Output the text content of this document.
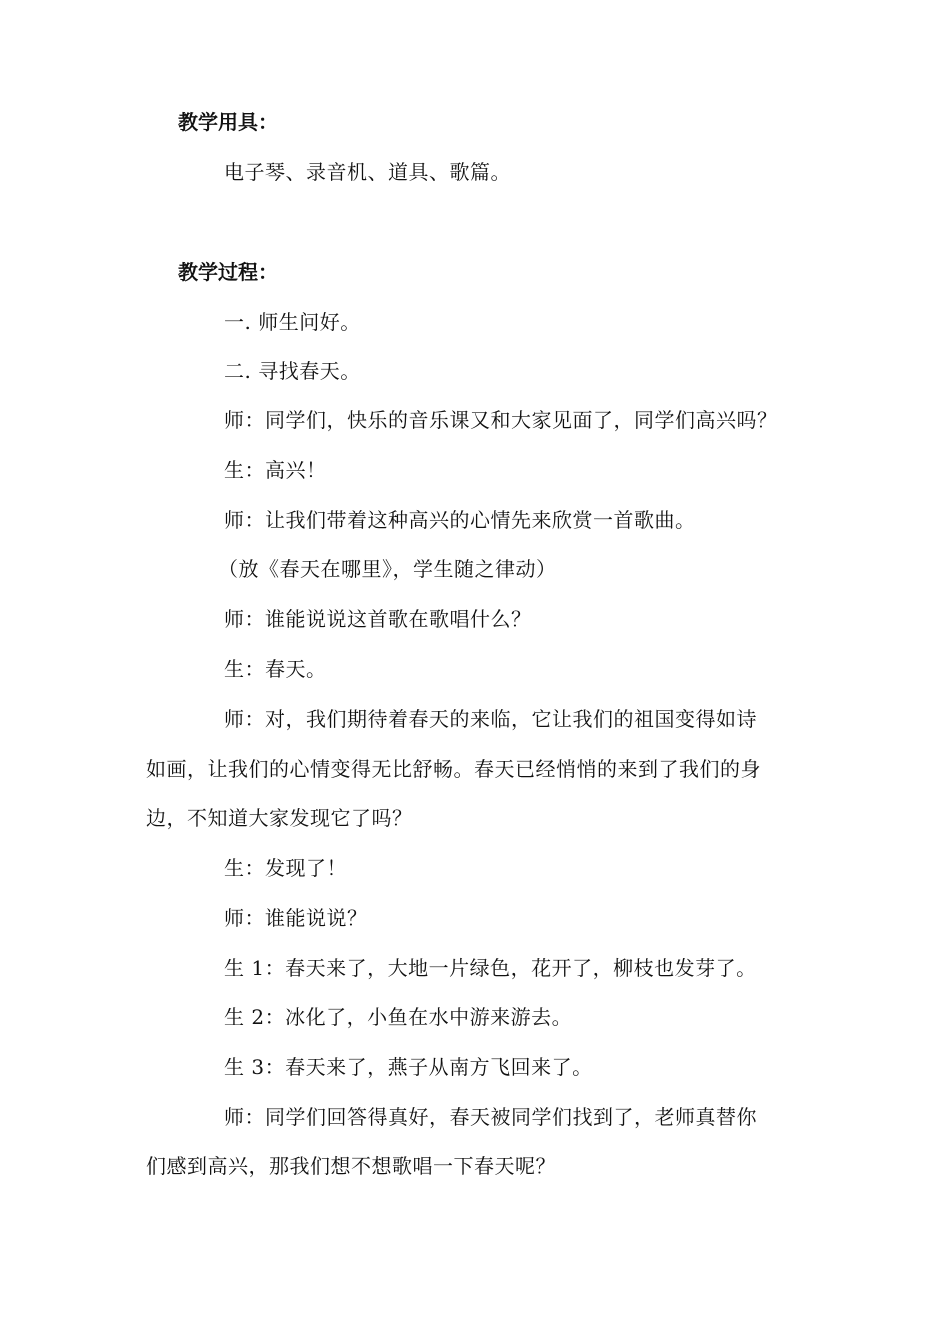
教学用具：
电子琴、录音机、道具、歌篇。
教学过程：
一. 师生问好。
二. 寻找春天。
师：同学们，快乐的音乐课又和大家见面了，同学们高兴吗？
生：高兴！
师：让我们带着这种高兴的心情先来欣赏一首歌曲。
（放《春天在哪里》，学生随之律动）
师：谁能说说这首歌在歌唱什么？
生：春天。
师：对，我们期待着春天的来临，它让我们的祖国变得如诗
如画，让我们的心情变得无比舒畅。春天已经悄悄的来到了我们的身
边，不知道大家发现它了吗？
生：发现了！
师：谁能说说？
生 1：春天来了，大地一片绿色，花开了，柳枝也发芽了。
生 2：冰化了，小鱼在水中游来游去。
生 3：春天来了，燕子从南方飞回来了。
师：同学们回答得真好，春天被同学们找到了，老师真替你
们感到高兴，那我们想不想歌唱一下春天呢？
